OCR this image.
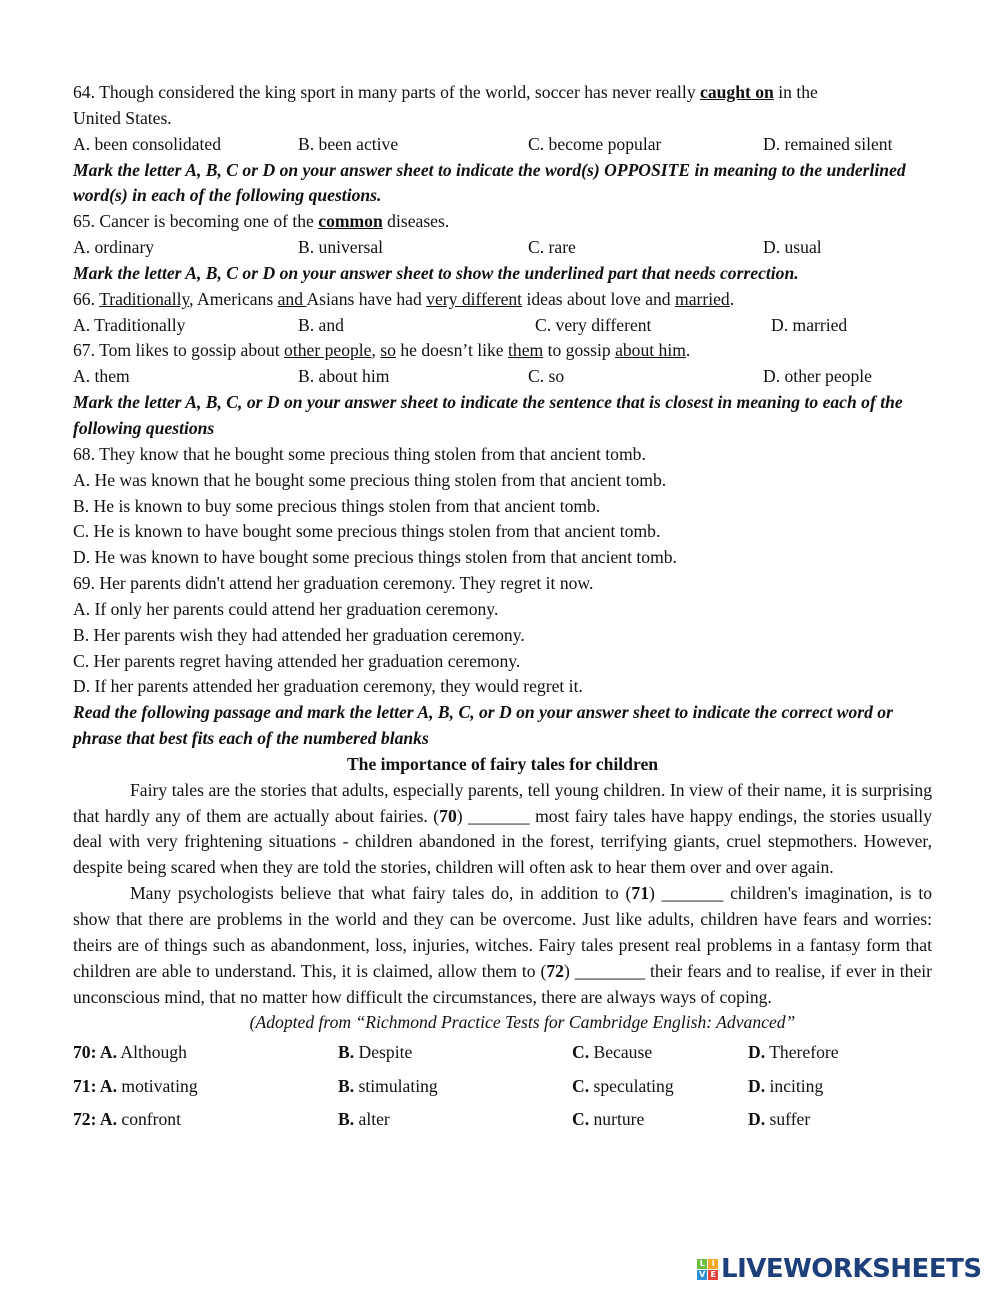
64. Though considered the king sport in many parts of the world, soccer has never really caught on in the
United States.
A. been consolidated	B. been active	C. become popular	D. remained silent
Mark the letter A, B, C or D on your answer sheet to indicate the word(s) OPPOSITE in meaning to the underlined word(s) in each of the following questions.
65. Cancer is becoming one of the common diseases.
A. ordinary	B. universal	C. rare	D. usual
Mark the letter A, B, C or D on your answer sheet to show the underlined part that needs correction.
66. Traditionally, Americans and Asians have had very different ideas about love and married.
A. Traditionally	B. and	C. very different	D. married
67. Tom likes to gossip about other people, so he doesn’t like them to gossip about him.
A. them	B. about him	C. so	D. other people
Mark the letter A, B, C, or D on your answer sheet to indicate the sentence that is closest in meaning to each of the following questions
68. They know that he bought some precious thing stolen from that ancient tomb.
A. He was known that he bought some precious thing stolen from that ancient tomb.
B. He is known to buy some precious things stolen from that ancient tomb.
C. He is known to have bought some precious things stolen from that ancient tomb.
D. He was known to have bought some precious things stolen from that ancient tomb.
69. Her parents didn't attend her graduation ceremony. They regret it now.
A. If only her parents could attend her graduation ceremony.
B. Her parents wish they had attended her graduation ceremony.
C. Her parents regret having attended her graduation ceremony.
D. If her parents attended her graduation ceremony, they would regret it.
Read the following passage and mark the letter A, B, C, or D on your answer sheet to indicate the correct word or phrase that best fits each of the numbered blanks
The importance of fairy tales for children
Fairy tales are the stories that adults, especially parents, tell young children. In view of their name, it is surprising that hardly any of them are actually about fairies. (70) _______ most fairy tales have happy endings, the stories usually deal with very frightening situations - children abandoned in the forest, terrifying giants, cruel stepmothers. However, despite being scared when they are told the stories, children will often ask to hear them over and over again.
Many psychologists believe that what fairy tales do, in addition to (71) _______ children's imagination, is to show that there are problems in the world and they can be overcome. Just like adults, children have fears and worries: theirs are of things such as abandonment, loss, injuries, witches. Fairy tales present real problems in a fantasy form that children are able to understand. This, it is claimed, allow them to (72) ________ their fears and to realise, if ever in their unconscious mind, that no matter how difficult the circumstances, there are always ways of coping.
(Adopted from “Richmond Practice Tests for Cambridge English: Advanced”
70: A. Although	B. Despite	C. Because	D. Therefore
71: A. motivating	B. stimulating	C. speculating	D. inciting
72: A. confront	B. alter	C. nurture	D. suffer
L I
V E LIVEWORKSHEETS
